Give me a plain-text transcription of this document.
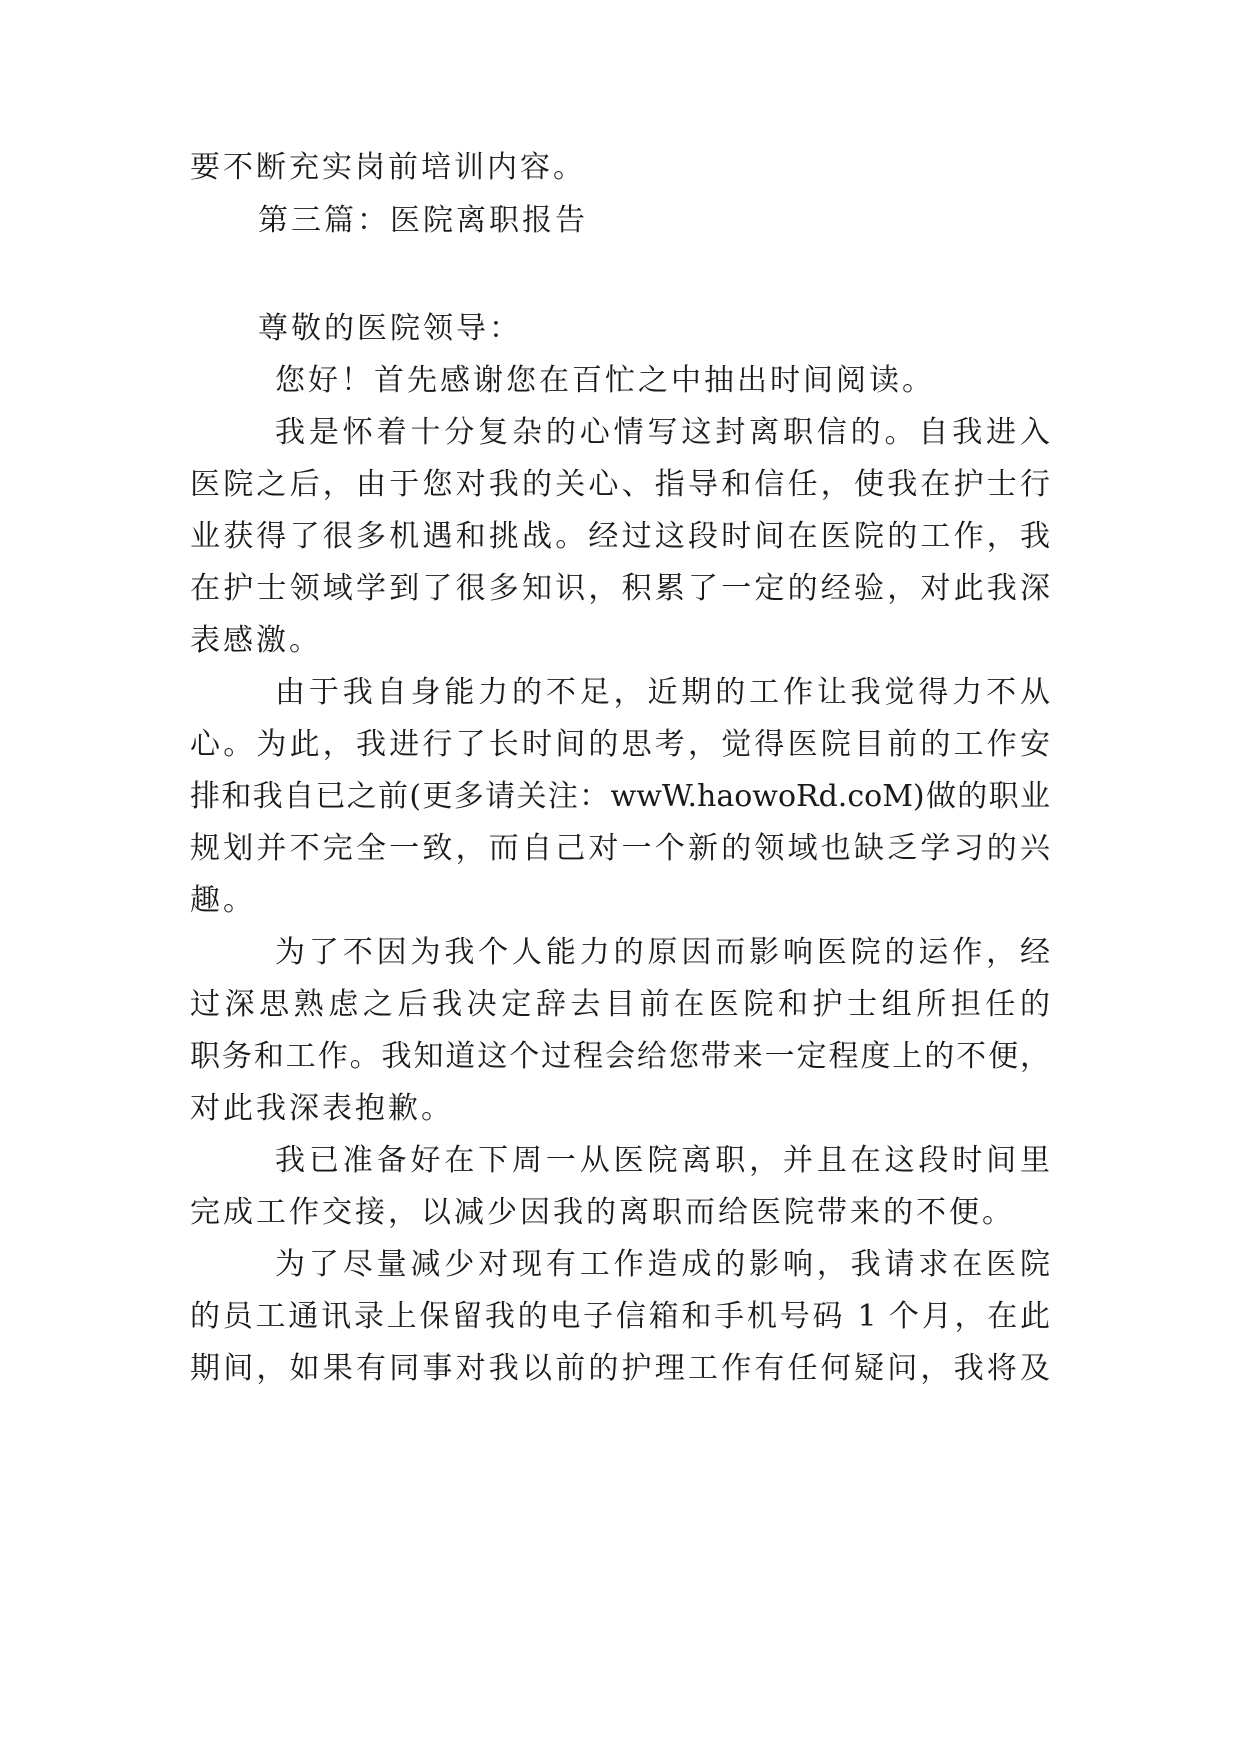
要不断充实岗前培训内容。
第三篇：医院离职报告
尊敬的医院领导：
您好！首先感谢您在百忙之中抽出时间阅读。
我是怀着十分复杂的心情写这封离职信的。自我进入
医院之后，由于您对我的关心、指导和信任，使我在护士行
业获得了很多机遇和挑战。经过这段时间在医院的工作，我
在护士领域学到了很多知识，积累了一定的经验，对此我深
表感激。
由于我自身能力的不足，近期的工作让我觉得力不从
心。为此，我进行了长时间的思考，觉得医院目前的工作安
排和我自已之前(更多请关注：wwW.haowoRd.coM)做的职业
规划并不完全一致，而自己对一个新的领域也缺乏学习的兴
趣。
为了不因为我个人能力的原因而影响医院的运作，经
过深思熟虑之后我决定辞去目前在医院和护士组所担任的
职务和工作。我知道这个过程会给您带来一定程度上的不便，
对此我深表抱歉。
我已准备好在下周一从医院离职，并且在这段时间里
完成工作交接，以减少因我的离职而给医院带来的不便。
为了尽量减少对现有工作造成的影响，我请求在医院
的员工通讯录上保留我的电子信箱和手机号码 1 个月，在此
期间，如果有同事对我以前的护理工作有任何疑问，我将及
